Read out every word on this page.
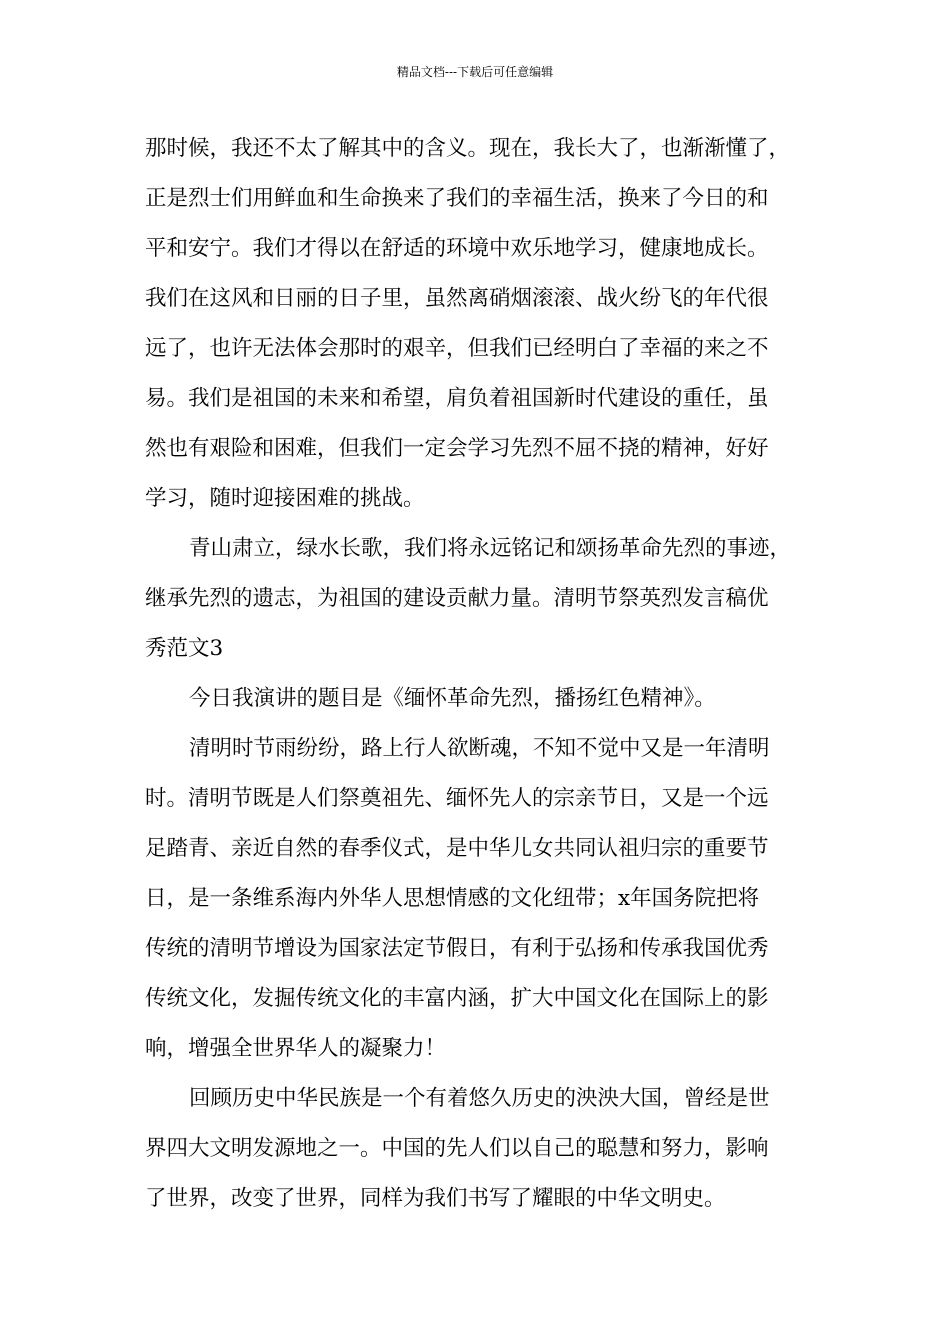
精品文档---下载后可任意编辑
那时候，我还不太了解其中的含义。现在，我长大了，也渐渐懂了，
正是烈士们用鲜血和生命换来了我们的幸福生活，换来了今日的和
平和安宁。我们才得以在舒适的环境中欢乐地学习，健康地成长。
我们在这风和日丽的日子里，虽然离硝烟滚滚、战火纷飞的年代很
远了，也许无法体会那时的艰辛，但我们已经明白了幸福的来之不
易。我们是祖国的未来和希望，肩负着祖国新时代建设的重任，虽
然也有艰险和困难，但我们一定会学习先烈不屈不挠的精神，好好
学习，随时迎接困难的挑战。
青山肃立，绿水长歌，我们将永远铭记和颂扬革命先烈的事迹，
继承先烈的遗志，为祖国的建设贡献力量。清明节祭英烈发言稿优
秀范文3
今日我演讲的题目是《缅怀革命先烈，播扬红色精神》。
清明时节雨纷纷，路上行人欲断魂，不知不觉中又是一年清明
时。清明节既是人们祭奠祖先、缅怀先人的宗亲节日，又是一个远
足踏青、亲近自然的春季仪式，是中华儿女共同认祖归宗的重要节
日，是一条维系海内外华人思想情感的文化纽带；x年国务院把将
传统的清明节增设为国家法定节假日，有利于弘扬和传承我国优秀
传统文化，发掘传统文化的丰富内涵，扩大中国文化在国际上的影
响，增强全世界华人的凝聚力！
回顾历史中华民族是一个有着悠久历史的泱泱大国，曾经是世
界四大文明发源地之一。中国的先人们以自己的聪慧和努力，影响
了世界，改变了世界，同样为我们书写了耀眼的中华文明史。
